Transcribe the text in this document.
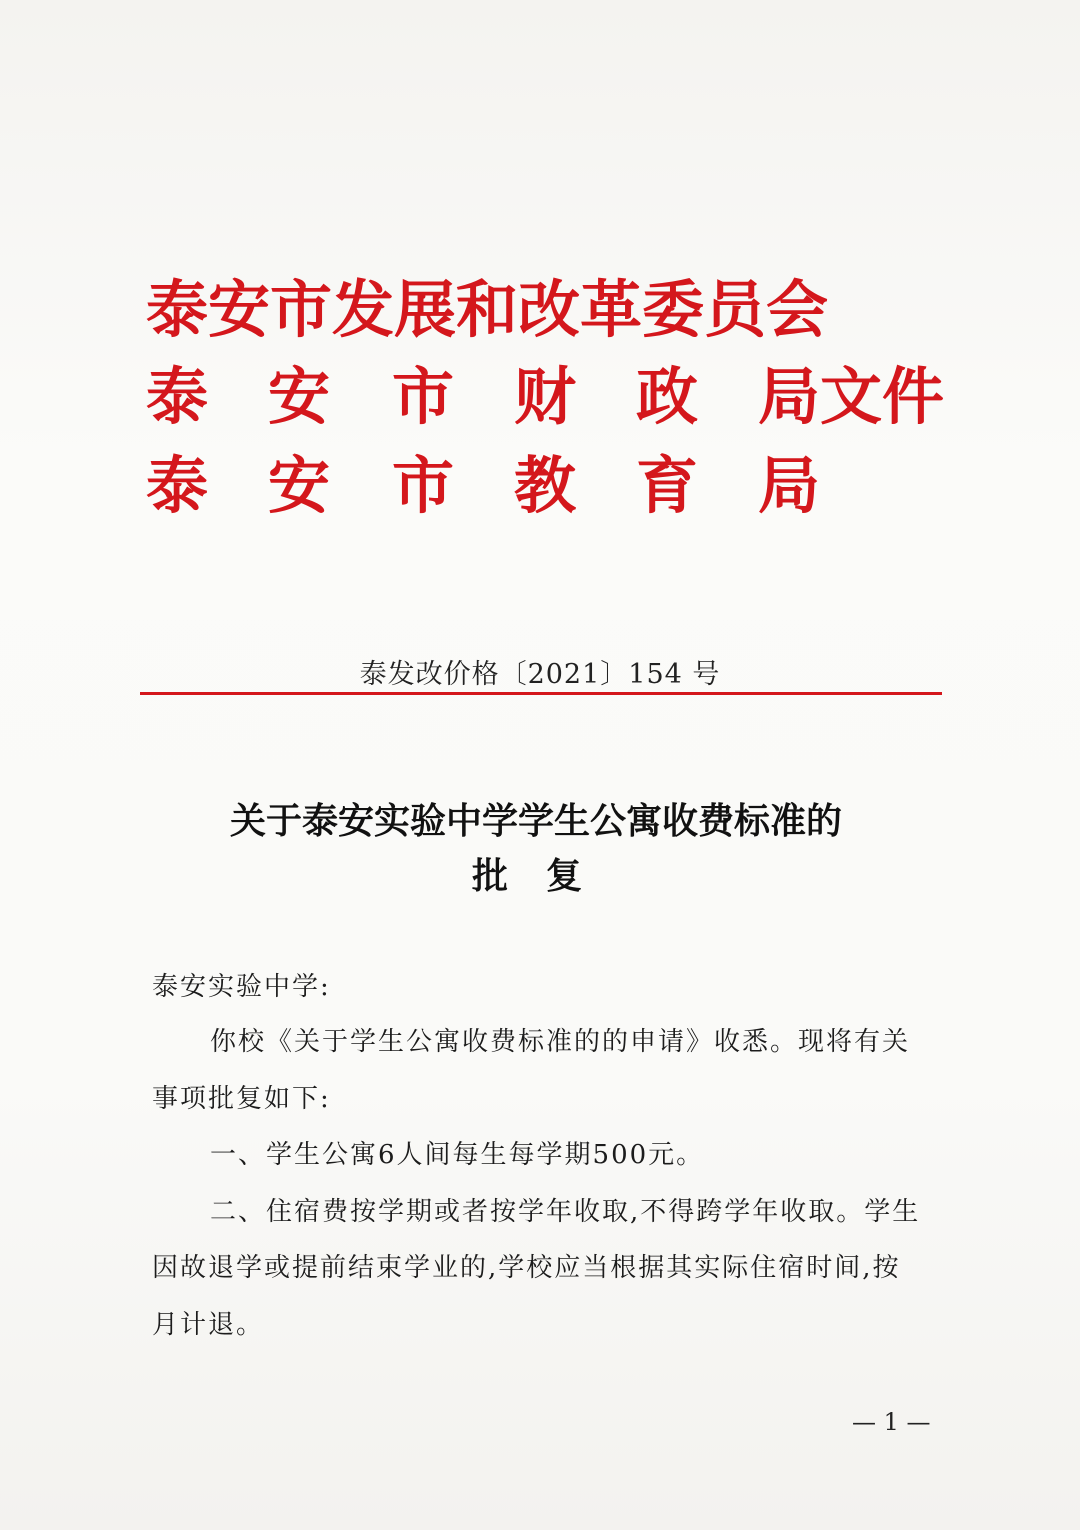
泰安市发展和改革委员会
泰 安 市 财 政 局文件
泰 安 市 教 育 局
泰发改价格〔2021〕154 号
关于泰安实验中学学生公寓收费标准的
批复
泰安实验中学:
你校《关于学生公寓收费标准的的申请》收悉。现将有关
事项批复如下:
一、学生公寓6人间每生每学期500元。
二、住宿费按学期或者按学年收取,不得跨学年收取。学生
因故退学或提前结束学业的,学校应当根据其实际住宿时间,按
月计退。
— 1 —
